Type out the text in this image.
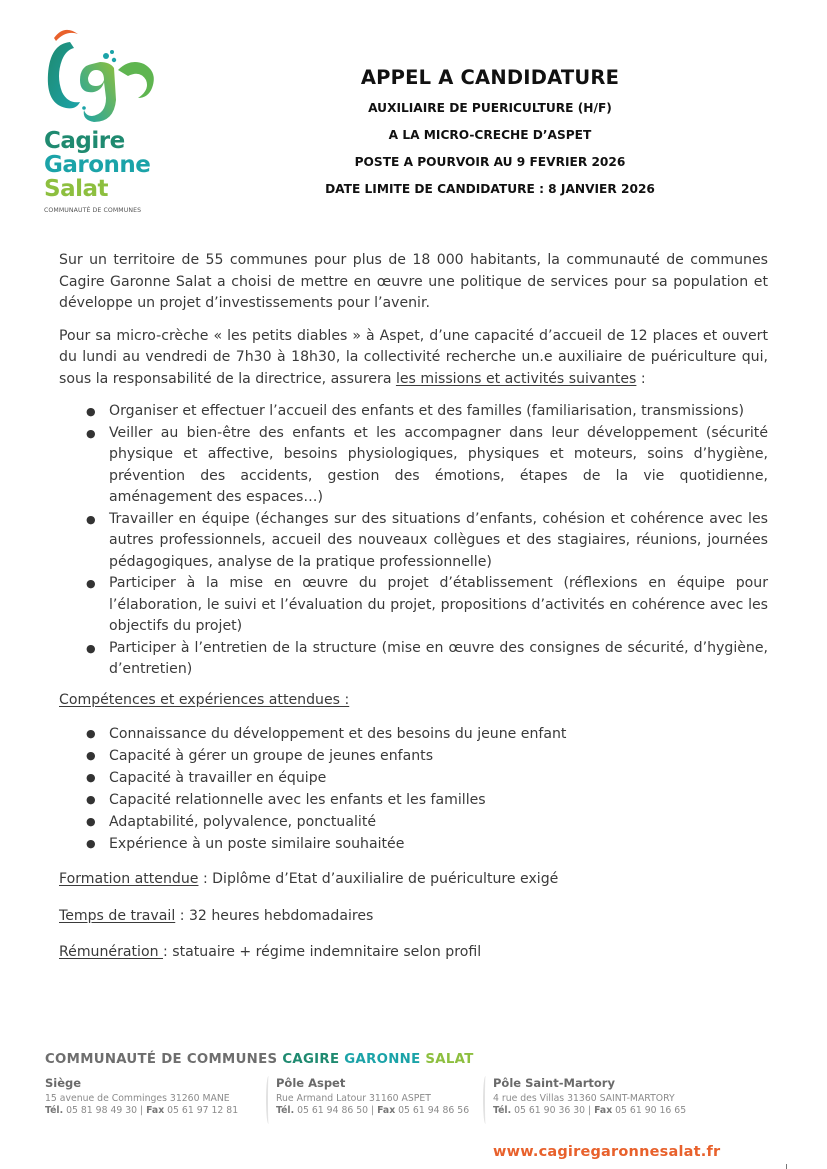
Cagire
Garonne
Salat
COMMUNAUTÉ DE COMMUNES
APPEL A CANDIDATURE
AUXILIAIRE DE PUERICULTURE (H/F)
A LA MICRO-CRECHE D’ASPET
POSTE A POURVOIR AU 9 FEVRIER 2026
DATE LIMITE DE CANDIDATURE : 8 JANVIER 2026

Sur un territoire de 55 communes pour plus de 18 000 habitants, la communauté de communes Cagire Garonne Salat a choisi de mettre en œuvre une politique de services pour sa population et développe un projet d’investissements pour l’avenir.

Pour sa micro-crèche « les petits diables » à Aspet, d’une capacité d’accueil de 12 places et ouvert du lundi au vendredi de 7h30 à 18h30, la collectivité recherche un.e auxiliaire de puériculture qui, sous la responsabilité de la directrice, assurera les missions et activités suivantes :

● Organiser et effectuer l’accueil des enfants et des familles (familiarisation, transmissions)
● Veiller au bien-être des enfants et les accompagner dans leur développement (sécurité physique et affective, besoins physiologiques, physiques et moteurs, soins d’hygiène, prévention des accidents, gestion des émotions, étapes de la vie quotidienne, aménagement des espaces…)
● Travailler en équipe (échanges sur des situations d’enfants, cohésion et cohérence avec les autres professionnels, accueil des nouveaux collègues et des stagiaires, réunions, journées pédagogiques, analyse de la pratique professionnelle)
● Participer à la mise en œuvre du projet d’établissement (réflexions en équipe pour l’élaboration, le suivi et l’évaluation du projet, propositions d’activités en cohérence avec les objectifs du projet)
● Participer à l’entretien de la structure (mise en œuvre des consignes de sécurité, d’hygiène, d’entretien)
Compétences et expériences attendues :
● Connaissance du développement et des besoins du jeune enfant
● Capacité à gérer un groupe de jeunes enfants
● Capacité à travailler en équipe
● Capacité relationnelle avec les enfants et les familles
● Adaptabilité, polyvalence, ponctualité
● Expérience à un poste similaire souhaitée

Formation attendue : Diplôme d’Etat d’auxilialire de puériculture exigé

Temps de travail : 32 heures hebdomadaires

Rémunération : statuaire + régime indemnitaire selon profil

COMMUNAUTÉ DE COMMUNES CAGIRE GARONNE SALAT
Siège
15 avenue de Comminges 31260 MANE
Tél. 05 81 98 49 30 | Fax 05 61 97 12 81
Pôle Aspet
Rue Armand Latour 31160 ASPET
Tél. 05 61 94 86 50 | Fax 05 61 94 86 56
Pôle Saint-Martory
4 rue des Villas 31360 SAINT-MARTORY
Tél. 05 61 90 36 30 | Fax 05 61 90 16 65
www.cagiregaronnesalat.fr
